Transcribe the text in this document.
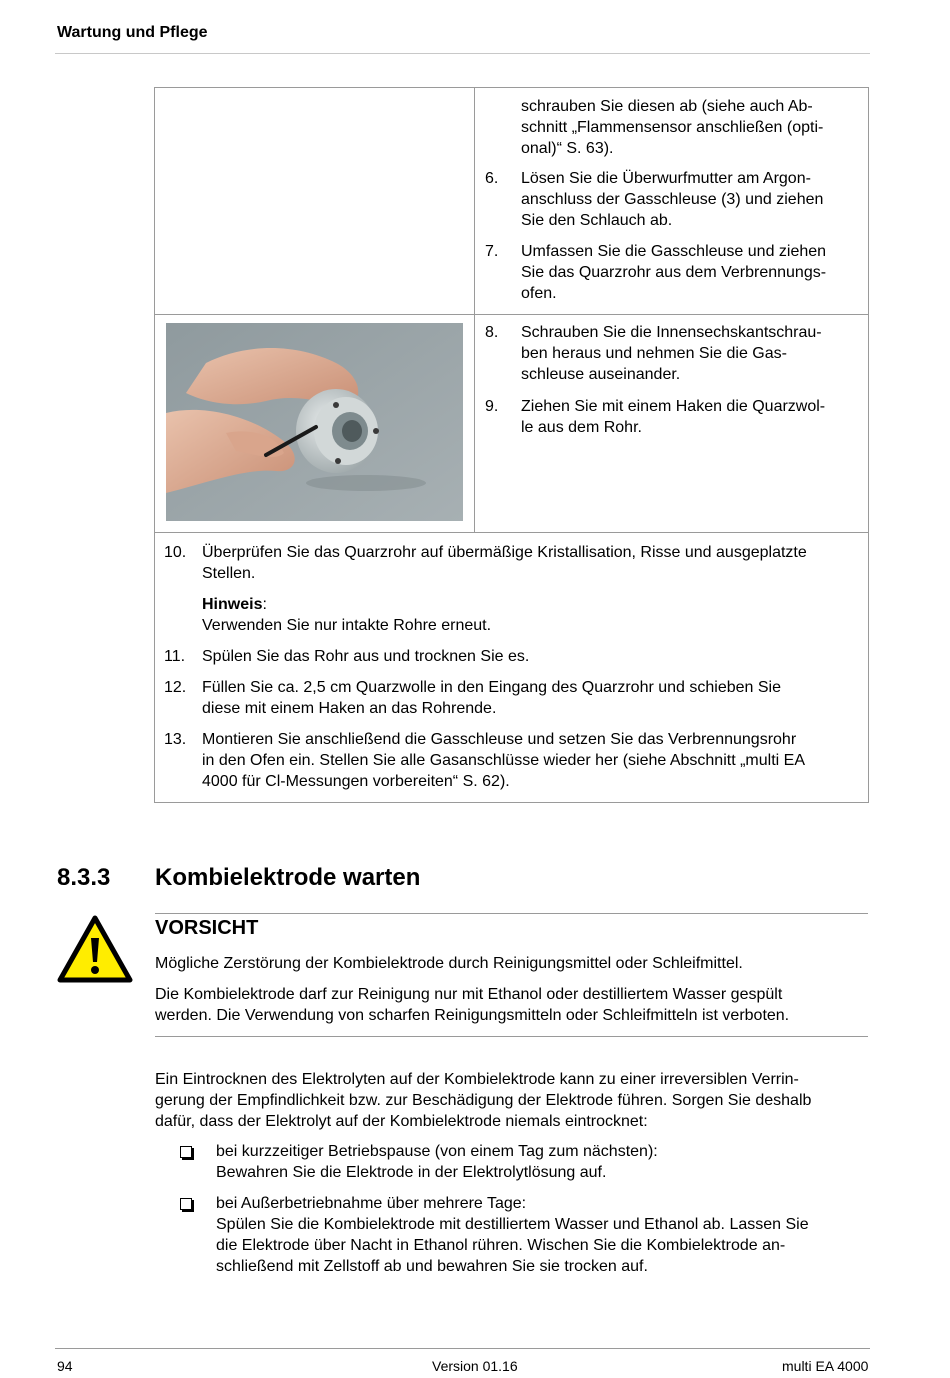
Wartung und Pflege
schrauben Sie diesen ab (siehe auch Ab-
schnitt „Flammensensor anschließen (opti-
onal)“ S. 63).
6. Lösen Sie die Überwurfmutter am Argon-
anschluss der Gasschleuse (3) und ziehen
Sie den Schlauch ab.
7. Umfassen Sie die Gasschleuse und ziehen
Sie das Quarzrohr aus dem Verbrennungs-
ofen.
8. Schrauben Sie die Innensechskantschrau-
ben heraus und nehmen Sie die Gas-
schleuse auseinander.
9. Ziehen Sie mit einem Haken die Quarzwol-
le aus dem Rohr.
10. Überprüfen Sie das Quarzrohr auf übermäßige Kristallisation, Risse und ausgeplatzte
Stellen.
Hinweis:
Verwenden Sie nur intakte Rohre erneut.
11. Spülen Sie das Rohr aus und trocknen Sie es.
12. Füllen Sie ca. 2,5 cm Quarzwolle in den Eingang des Quarzrohr und schieben Sie
diese mit einem Haken an das Rohrende.
13. Montieren Sie anschließend die Gasschleuse und setzen Sie das Verbrennungsrohr
in den Ofen ein. Stellen Sie alle Gasanschlüsse wieder her (siehe Abschnitt „multi EA
4000 für Cl-Messungen vorbereiten“ S. 62).
8.3.3 Kombielektrode warten
VORSICHT
Mögliche Zerstörung der Kombielektrode durch Reinigungsmittel oder Schleifmittel.
Die Kombielektrode darf zur Reinigung nur mit Ethanol oder destilliertem Wasser gespült
werden. Die Verwendung von scharfen Reinigungsmitteln oder Schleifmitteln ist verboten.
Ein Eintrocknen des Elektrolyten auf der Kombielektrode kann zu einer irreversiblen Verrin-
gerung der Empfindlichkeit bzw. zur Beschädigung der Elektrode führen. Sorgen Sie deshalb
dafür, dass der Elektrolyt auf der Kombielektrode niemals eintrocknet:
bei kurzzeitiger Betriebspause (von einem Tag zum nächsten):
Bewahren Sie die Elektrode in der Elektrolytlösung auf.
bei Außerbetriebnahme über mehrere Tage:
Spülen Sie die Kombielektrode mit destilliertem Wasser und Ethanol ab. Lassen Sie
die Elektrode über Nacht in Ethanol rühren. Wischen Sie die Kombielektrode an-
schließend mit Zellstoff ab und bewahren Sie sie trocken auf.
94	Version 01.16	multi EA 4000
